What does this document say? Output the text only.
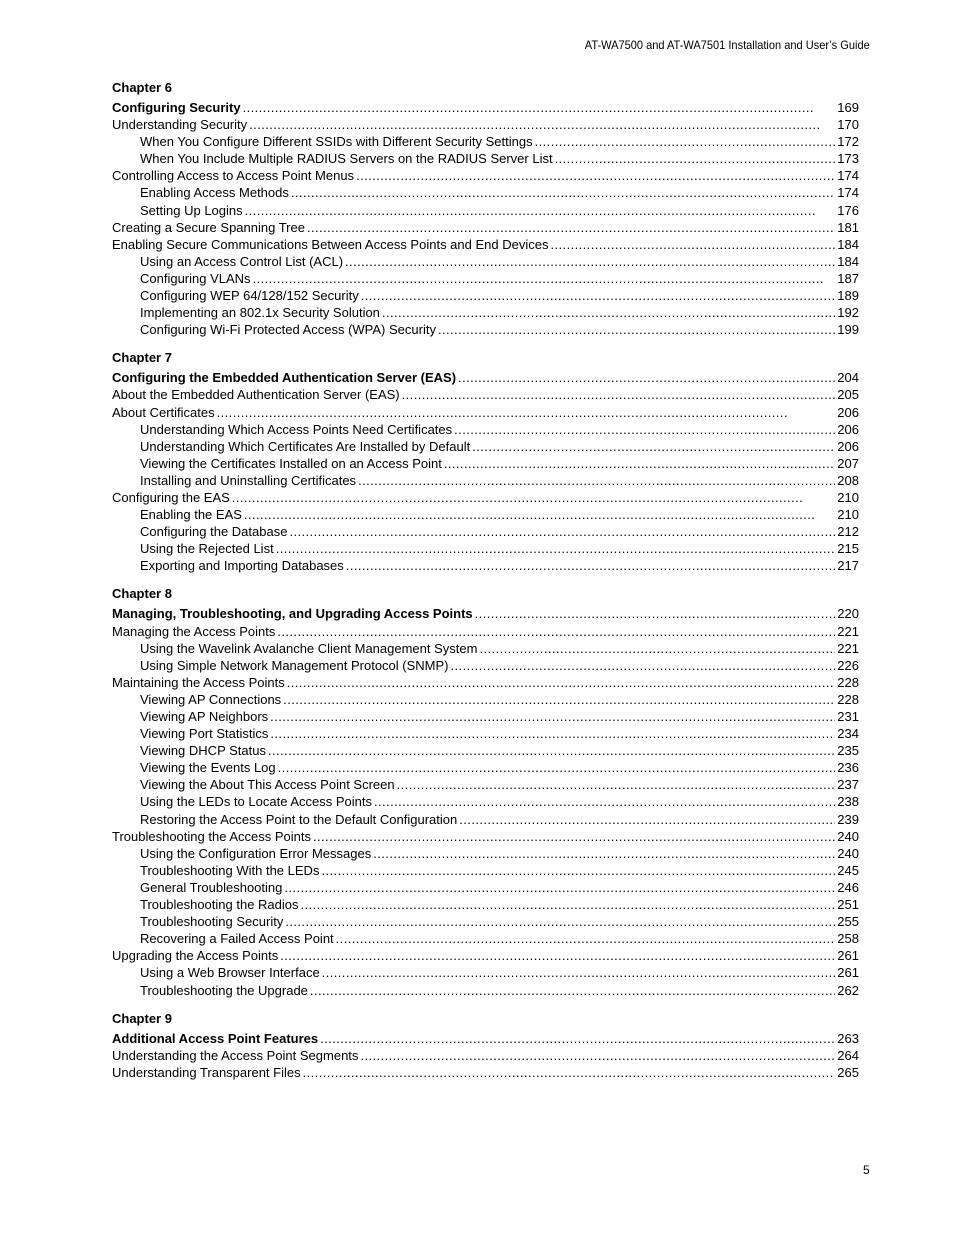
AT-WA7500 and AT-WA7501 Installation and User’s Guide
Chapter 6
Configuring Security . . .	169
Understanding Security . . .	170
When You Configure Different SSIDs with Different Security Settings . . .	172
When You Include Multiple RADIUS Servers on the RADIUS Server List . . .	173
Controlling Access to Access Point Menus . . .	174
Enabling Access Methods . . .	174
Setting Up Logins . . .	176
Creating a Secure Spanning Tree . . .	181
Enabling Secure Communications Between Access Points and End Devices . . .	184
Using an Access Control List (ACL) . . .	184
Configuring VLANs . . .	187
Configuring WEP 64/128/152 Security . . .	189
Implementing an 802.1x Security Solution . . .	192
Configuring Wi-Fi Protected Access (WPA) Security . . .	199
Chapter 7
Configuring the Embedded Authentication Server (EAS) . . .	204
About the Embedded Authentication Server (EAS) . . .	205
About Certificates . . .	206
Understanding Which Access Points Need Certificates . . .	206
Understanding Which Certificates Are Installed by Default . . .	206
Viewing the Certificates Installed on an Access Point . . .	207
Installing and Uninstalling Certificates . . .	208
Configuring the EAS . . .	210
Enabling the EAS . . .	210
Configuring the Database . . .	212
Using the Rejected List . . .	215
Exporting and Importing Databases . . .	217
Chapter 8
Managing, Troubleshooting, and Upgrading Access Points . . .	220
Managing the Access Points . . .	221
Using the Wavelink Avalanche Client Management System . . .	221
Using Simple Network Management Protocol (SNMP) . . .	226
Maintaining the Access Points . . .	228
Viewing AP Connections . . .	228
Viewing AP Neighbors . . .	231
Viewing Port Statistics . . .	234
Viewing DHCP Status . . .	235
Viewing the Events Log . . .	236
Viewing the About This Access Point Screen . . .	237
Using the LEDs to Locate Access Points . . .	238
Restoring the Access Point to the Default Configuration . . .	239
Troubleshooting the Access Points . . .	240
Using the Configuration Error Messages . . .	240
Troubleshooting With the LEDs . . .	245
General Troubleshooting . . .	246
Troubleshooting the Radios . . .	251
Troubleshooting Security . . .	255
Recovering a Failed Access Point . . .	258
Upgrading the Access Points . . .	261
Using a Web Browser Interface . . .	261
Troubleshooting the Upgrade . . .	262
Chapter 9
Additional Access Point Features . . .	263
Understanding the Access Point Segments . . .	264
Understanding Transparent Files . . .	265
5
